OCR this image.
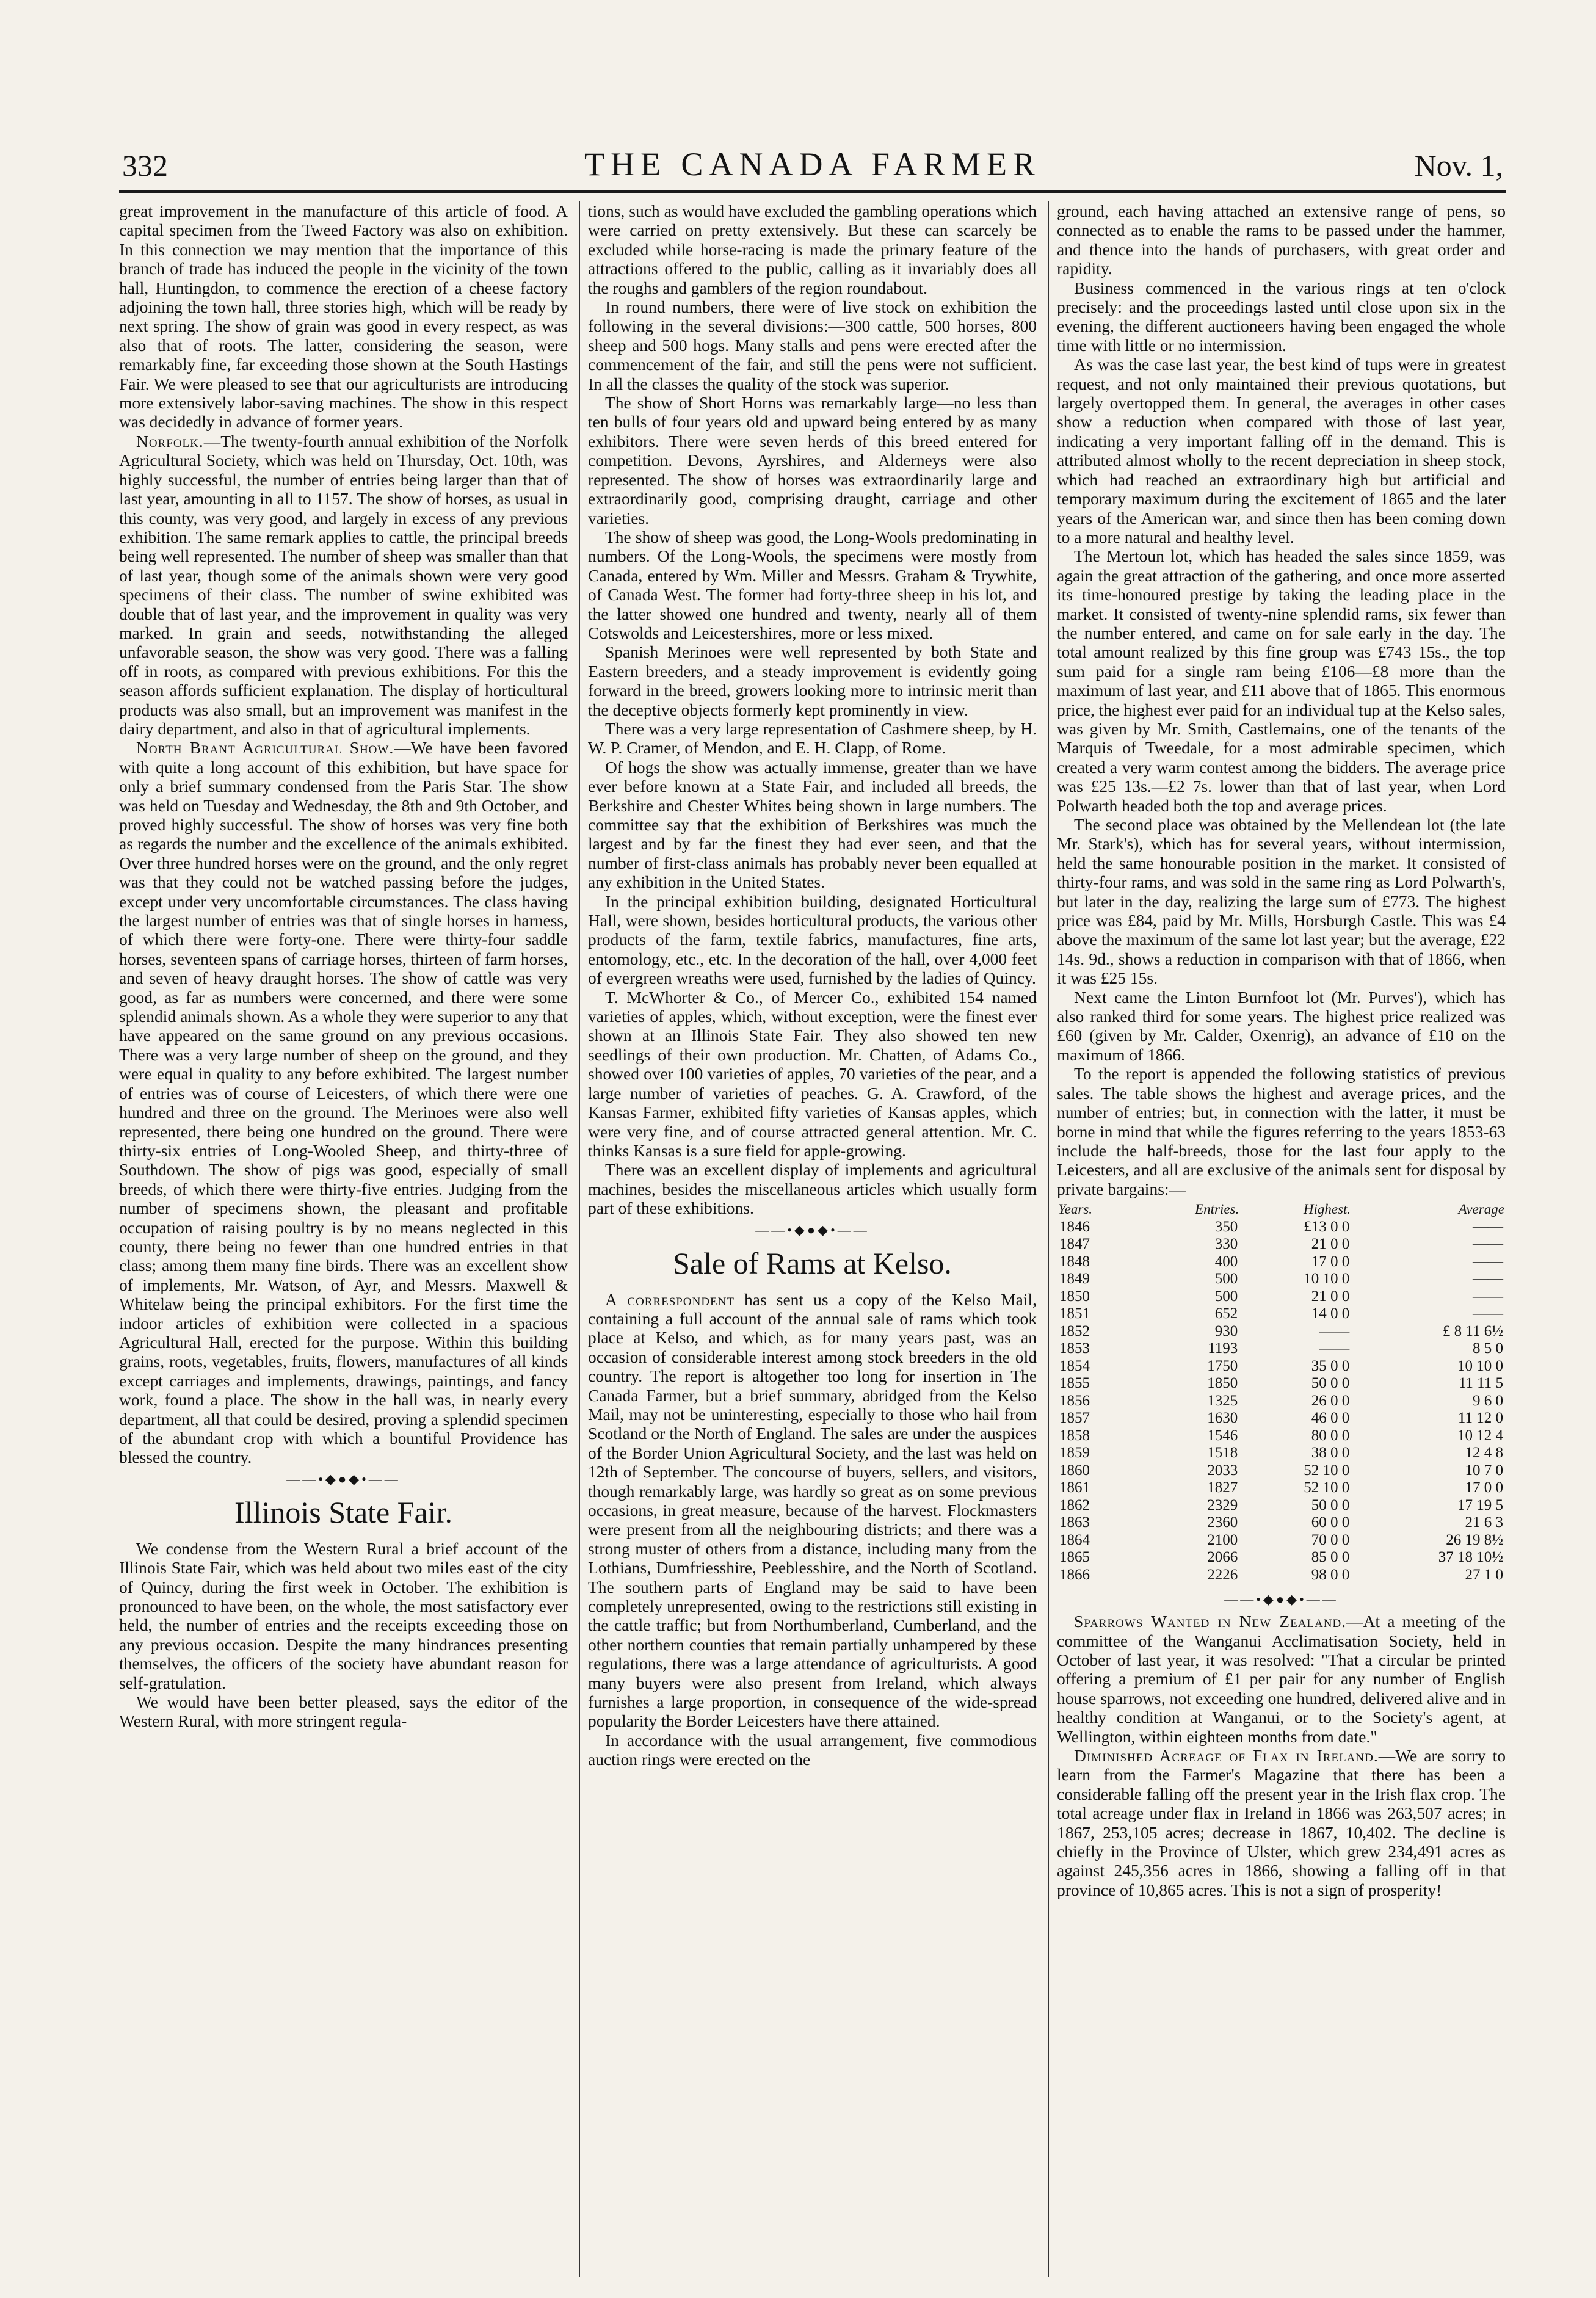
332	THE CANADA FARMER	Nov. 1,

great improvement in the manufacture of this article of food. A capital specimen from the Tweed Factory was also on exhibition. In this connection we may mention that the importance of this branch of trade has induced the people in the vicinity of the town hall, Huntingdon, to commence the erection of a cheese factory adjoining the town hall, three stories high, which will be ready by next spring. The show of grain was good in every respect, as was also that of roots. The latter, considering the season, were remarkably fine, far exceeding those shown at the South Hastings Fair. We were pleased to see that our agriculturists are introducing more extensively labor-saving machines. The show in this respect was decidedly in advance of former years.

Norfolk.—The twenty-fourth annual exhibition of the Norfolk Agricultural Society, which was held on Thursday, Oct. 10th, was highly successful, the number of entries being larger than that of last year, amounting in all to 1157. The show of horses, as usual in this county, was very good, and largely in excess of any previous exhibition. The same remark applies to cattle, the principal breeds being well represented. The number of sheep was smaller than that of last year, though some of the animals shown were very good specimens of their class. The number of swine exhibited was double that of last year, and the improvement in quality was very marked. In grain and seeds, notwithstanding the alleged unfavorable season, the show was very good. There was a falling off in roots, as compared with previous exhibitions. For this the season affords sufficient explanation. The display of horticultural products was also small, but an improvement was manifest in the dairy department, and also in that of agricultural implements.

North Brant Agricultural Show.—We have been favored with quite a long account of this exhibition, but have space for only a brief summary condensed from the Paris Star. The show was held on Tuesday and Wednesday, the 8th and 9th October, and proved highly successful. The show of horses was very fine both as regards the number and the excellence of the animals exhibited. Over three hundred horses were on the ground, and the only regret was that they could not be watched passing before the judges, except under very uncomfortable circumstances. The class having the largest number of entries was that of single horses in harness, of which there were forty-one. There were thirty-four saddle horses, seventeen spans of carriage horses, thirteen of farm horses, and seven of heavy draught horses. The show of cattle was very good, as far as numbers were concerned, and there were some splendid animals shown. As a whole they were superior to any that have appeared on the same ground on any previous occasions. There was a very large number of sheep on the ground, and they were equal in quality to any before exhibited. The largest number of entries was of course of Leicesters, of which there were one hundred and three on the ground. The Merinoes were also well represented, there being one hundred on the ground. There were thirty-six entries of Long-Wooled Sheep, and thirty-three of Southdown. The show of pigs was good, especially of small breeds, of which there were thirty-five entries. Judging from the number of specimens shown, the pleasant and profitable occupation of raising poultry is by no means neglected in this county, there being no fewer than one hundred entries in that class; among them many fine birds. There was an excellent show of implements, Mr. Watson, of Ayr, and Messrs. Maxwell & Whitelaw being the principal exhibitors. For the first time the indoor articles of exhibition were collected in a spacious Agricultural Hall, erected for the purpose. Within this building grains, roots, vegetables, fruits, flowers, manufactures of all kinds except carriages and implements, drawings, paintings, and fancy work, found a place. The show in the hall was, in nearly every department, all that could be desired, proving a splendid specimen of the abundant crop with which a bountiful Providence has blessed the country.

——•◆●◆•——
Illinois State Fair.

We condense from the Western Rural a brief account of the Illinois State Fair, which was held about two miles east of the city of Quincy, during the first week in October. The exhibition is pronounced to have been, on the whole, the most satisfactory ever held, the number of entries and the receipts exceeding those on any previous occasion. Despite the many hindrances presenting themselves, the officers of the society have abundant reason for self-gratulation.

We would have been better pleased, says the editor of the Western Rural, with more stringent regula-

tions, such as would have excluded the gambling operations which were carried on pretty extensively. But these can scarcely be excluded while horse-racing is made the primary feature of the attractions offered to the public, calling as it invariably does all the roughs and gamblers of the region roundabout.

In round numbers, there were of live stock on exhibition the following in the several divisions:—300 cattle, 500 horses, 800 sheep and 500 hogs. Many stalls and pens were erected after the commencement of the fair, and still the pens were not sufficient. In all the classes the quality of the stock was superior.

The show of Short Horns was remarkably large—no less than ten bulls of four years old and upward being entered by as many exhibitors. There were seven herds of this breed entered for competition. Devons, Ayrshires, and Alderneys were also represented. The show of horses was extraordinarily large and extraordinarily good, comprising draught, carriage and other varieties.

The show of sheep was good, the Long-Wools predominating in numbers. Of the Long-Wools, the specimens were mostly from Canada, entered by Wm. Miller and Messrs. Graham & Trywhite, of Canada West. The former had forty-three sheep in his lot, and the latter showed one hundred and twenty, nearly all of them Cotswolds and Leicestershires, more or less mixed.

Spanish Merinoes were well represented by both State and Eastern breeders, and a steady improvement is evidently going forward in the breed, growers looking more to intrinsic merit than the deceptive objects formerly kept prominently in view.

There was a very large representation of Cashmere sheep, by H. W. P. Cramer, of Mendon, and E. H. Clapp, of Rome.

Of hogs the show was actually immense, greater than we have ever before known at a State Fair, and included all breeds, the Berkshire and Chester Whites being shown in large numbers. The committee say that the exhibition of Berkshires was much the largest and by far the finest they had ever seen, and that the number of first-class animals has probably never been equalled at any exhibition in the United States.

In the principal exhibition building, designated Horticultural Hall, were shown, besides horticultural products, the various other products of the farm, textile fabrics, manufactures, fine arts, entomology, etc., etc. In the decoration of the hall, over 4,000 feet of evergreen wreaths were used, furnished by the ladies of Quincy.

T. McWhorter & Co., of Mercer Co., exhibited 154 named varieties of apples, which, without exception, were the finest ever shown at an Illinois State Fair. They also showed ten new seedlings of their own production. Mr. Chatten, of Adams Co., showed over 100 varieties of apples, 70 varieties of the pear, and a large number of varieties of peaches. G. A. Crawford, of the Kansas Farmer, exhibited fifty varieties of Kansas apples, which were very fine, and of course attracted general attention. Mr. C. thinks Kansas is a sure field for apple-growing.

There was an excellent display of implements and agricultural machines, besides the miscellaneous articles which usually form part of these exhibitions.

——•◆●◆•——
Sale of Rams at Kelso.

A correspondent has sent us a copy of the Kelso Mail, containing a full account of the annual sale of rams which took place at Kelso, and which, as for many years past, was an occasion of considerable interest among stock breeders in the old country. The report is altogether too long for insertion in The Canada Farmer, but a brief summary, abridged from the Kelso Mail, may not be uninteresting, especially to those who hail from Scotland or the North of England. The sales are under the auspices of the Border Union Agricultural Society, and the last was held on 12th of September. The concourse of buyers, sellers, and visitors, though remarkably large, was hardly so great as on some previous occasions, in great measure, because of the harvest. Flockmasters were present from all the neighbouring districts; and there was a strong muster of others from a distance, including many from the Lothians, Dumfriesshire, Peeblesshire, and the North of Scotland. The southern parts of England may be said to have been completely unrepresented, owing to the restrictions still existing in the cattle traffic; but from Northumberland, Cumberland, and the other northern counties that remain partially unhampered by these regulations, there was a large attendance of agriculturists. A good many buyers were also present from Ireland, which always furnishes a large proportion, in consequence of the wide-spread popularity the Border Leicesters have there attained.

In accordance with the usual arrangement, five commodious auction rings were erected on the

ground, each having attached an extensive range of pens, so connected as to enable the rams to be passed under the hammer, and thence into the hands of purchasers, with great order and rapidity.

Business commenced in the various rings at ten o'clock precisely: and the proceedings lasted until close upon six in the evening, the different auctioneers having been engaged the whole time with little or no intermission.

As was the case last year, the best kind of tups were in greatest request, and not only maintained their previous quotations, but largely overtopped them. In general, the averages in other cases show a reduction when compared with those of last year, indicating a very important falling off in the demand. This is attributed almost wholly to the recent depreciation in sheep stock, which had reached an extraordinary high but artificial and temporary maximum during the excitement of 1865 and the later years of the American war, and since then has been coming down to a more natural and healthy level.

The Mertoun lot, which has headed the sales since 1859, was again the great attraction of the gathering, and once more asserted its time-honoured prestige by taking the leading place in the market. It consisted of twenty-nine splendid rams, six fewer than the number entered, and came on for sale early in the day. The total amount realized by this fine group was £743 15s., the top sum paid for a single ram being £106—£8 more than the maximum of last year, and £11 above that of 1865. This enormous price, the highest ever paid for an individual tup at the Kelso sales, was given by Mr. Smith, Castlemains, one of the tenants of the Marquis of Tweedale, for a most admirable specimen, which created a very warm contest among the bidders. The average price was £25 13s.—£2 7s. lower than that of last year, when Lord Polwarth headed both the top and average prices.

The second place was obtained by the Mellendean lot (the late Mr. Stark's), which has for several years, without intermission, held the same honourable position in the market. It consisted of thirty-four rams, and was sold in the same ring as Lord Polwarth's, but later in the day, realizing the large sum of £773. The highest price was £84, paid by Mr. Mills, Horsburgh Castle. This was £4 above the maximum of the same lot last year; but the average, £22 14s. 9d., shows a reduction in comparison with that of 1866, when it was £25 15s.

Next came the Linton Burnfoot lot (Mr. Purves'), which has also ranked third for some years. The highest price realized was £60 (given by Mr. Calder, Oxenrig), an advance of £10 on the maximum of 1866.

To the report is appended the following statistics of previous sales. The table shows the highest and average prices, and the number of entries; but, in connection with the latter, it must be borne in mind that while the figures referring to the years 1853-63 include the half-breeds, those for the last four apply to the Leicesters, and all are exclusive of the animals sent for disposal by private bargains:—

Years.	Entries.	Highest.	Average
1846	350	£13 0 0	——
1847	330	21 0 0	——
1848	400	17 0 0	——
1849	500	10 10 0	——
1850	500	21 0 0	——
1851	652	14 0 0	——
1852	930	——	£ 8 11 6½
1853	1193	——	8 5 0
1854	1750	35 0 0	10 10 0
1855	1850	50 0 0	11 11 5
1856	1325	26 0 0	9 6 0
1857	1630	46 0 0	11 12 0
1858	1546	80 0 0	10 12 4
1859	1518	38 0 0	12 4 8
1860	2033	52 10 0	10 7 0
1861	1827	52 10 0	17 0 0
1862	2329	50 0 0	17 19 5
1863	2360	60 0 0	21 6 3
1864	2100	70 0 0	26 19 8½
1865	2066	85 0 0	37 18 10½
1866	2226	98 0 0	27 1 0
——•◆●◆•——

Sparrows Wanted in New Zealand.—At a meeting of the committee of the Wanganui Acclimatisation Society, held in October of last year, it was resolved: "That a circular be printed offering a premium of £1 per pair for any number of English house sparrows, not exceeding one hundred, delivered alive and in healthy condition at Wanganui, or to the Society's agent, at Wellington, within eighteen months from date."

Diminished Acreage of Flax in Ireland.—We are sorry to learn from the Farmer's Magazine that there has been a considerable falling off the present year in the Irish flax crop. The total acreage under flax in Ireland in 1866 was 263,507 acres; in 1867, 253,105 acres; decrease in 1867, 10,402. The decline is chiefly in the Province of Ulster, which grew 234,491 acres as against 245,356 acres in 1866, showing a falling off in that province of 10,865 acres. This is not a sign of prosperity!
